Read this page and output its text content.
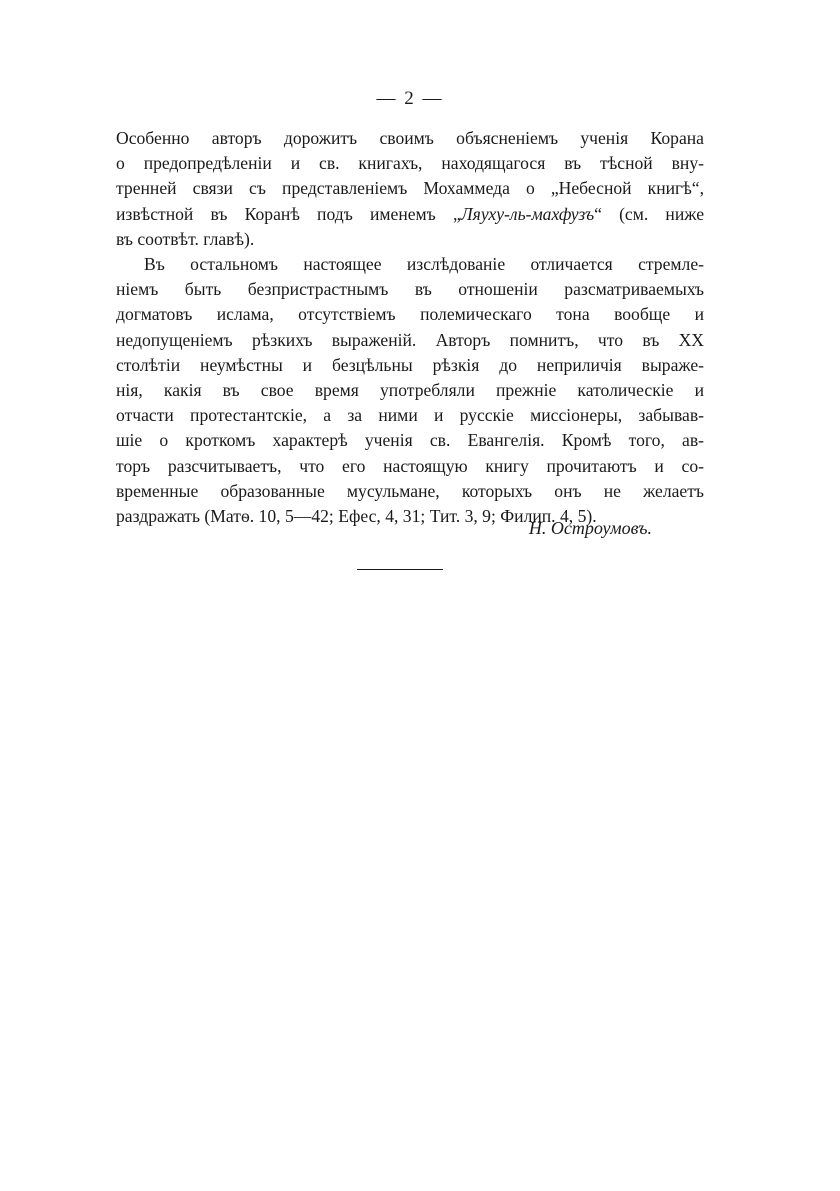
— 2 —
Особенно авторъ дорожитъ своимъ объясненіемъ ученія Корана
о предопредѣленіи и св. книгахъ, находящагося въ тѣсной вну-
тренней связи съ представленіемъ Мохаммеда о „Небесной книгѣ“,
извѣстной въ Коранѣ подъ именемъ „Ляуху-ль-махфузъ“ (см. ниже
въ соотвѣт. главѣ).
Въ остальномъ настоящее изслѣдованіе отличается стремле-
ніемъ быть безпристрастнымъ въ отношеніи разсматриваемыхъ
догматовъ ислама, отсутствіемъ полемическаго тона вообще и
недопущеніемъ рѣзкихъ выраженій. Авторъ помнитъ, что въ XX
столѣтіи неумѣстны и безцѣльны рѣзкія до неприличія выраже-
нія, какія въ свое время употребляли прежніе католическіе и
отчасти протестантскіе, а за ними и русскіе миссіонеры, забывав-
шіе о кроткомъ характерѣ ученія св. Евангелія. Кромѣ того, ав-
торъ разсчитываетъ, что его настоящую книгу прочитаютъ и со-
временные образованные мусульмане, которыхъ онъ не желаетъ
раздражать (Матѳ. 10, 5—42; Ефес, 4, 31; Тит. 3, 9; Филип. 4, 5).
Н. Остроумовъ.
